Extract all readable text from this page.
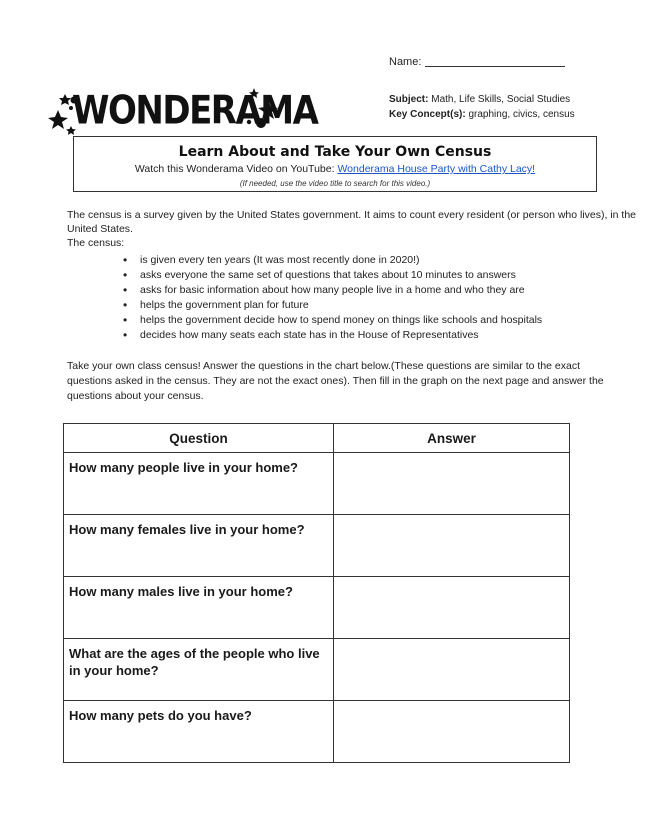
Name:
Subject: Math, Life Skills, Social Studies
Key Concept(s): graphing, civics, census
WONDERAMA
Learn About and Take Your Own Census
Watch this Wonderama Video on YouTube: Wonderama House Party with Cathy Lacy!
(If needed, use the video title to search for this video.)
The census is a survey given by the United States government. It aims to count every resident (or person who lives), in the United States.
The census:
• is given every ten years (It was most recently done in 2020!)
• asks everyone the same set of questions that takes about 10 minutes to answers
• asks for basic information about how many people live in a home and who they are
• helps the government plan for future
• helps the government decide how to spend money on things like schools and hospitals
• decides how many seats each state has in the House of Representatives
Take your own class census! Answer the questions in the chart below.(These questions are similar to the exact questions asked in the census. They are not the exact ones). Then fill in the graph on the next page and answer the questions about your census.
Question	Answer
How many people live in your home?	
How many females live in your home?	
How many males live in your home?	
What are the ages of the people who live in your home?	
How many pets do you have?	
